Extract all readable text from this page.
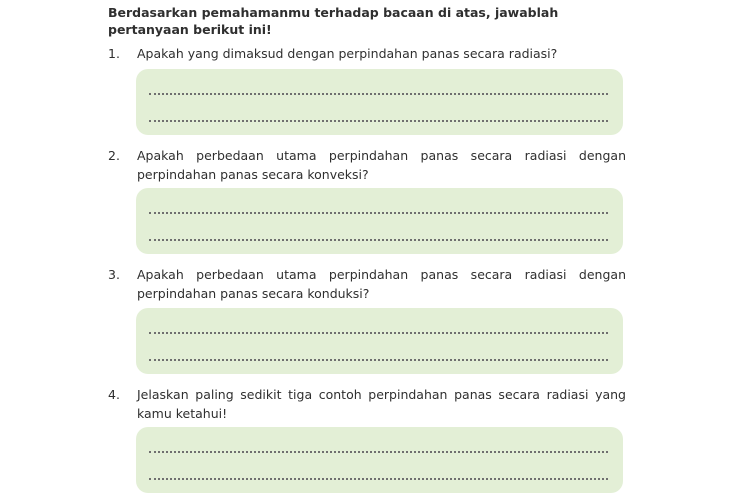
Berdasarkan pemahamanmu terhadap bacaan di atas, jawablah pertanyaan berikut ini!
1. Apakah yang dimaksud dengan perpindahan panas secara radiasi?
2. Apakah perbedaan utama perpindahan panas secara radiasi dengan perpindahan panas secara konveksi?
3. Apakah perbedaan utama perpindahan panas secara radiasi dengan perpindahan panas secara konduksi?
4. Jelaskan paling sedikit tiga contoh perpindahan panas secara radiasi yang kamu ketahui!
